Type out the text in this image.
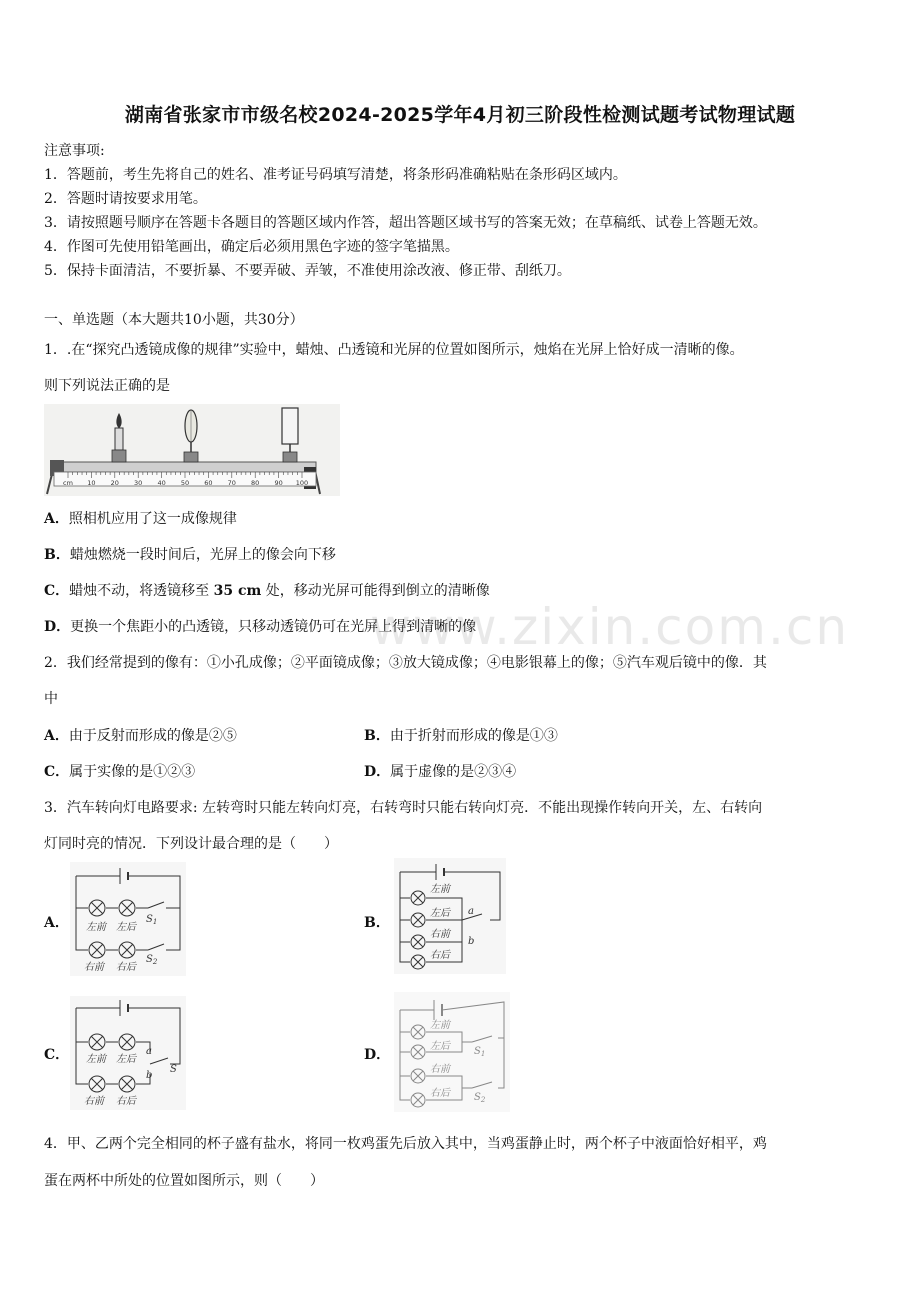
湖南省张家市市级名校2024-2025学年4月初三阶段性检测试题考试物理试题
注意事项:
1．答题前，考生先将自己的姓名、准考证号码填写清楚，将条形码准确粘贴在条形码区域内。
2．答题时请按要求用笔。
3．请按照题号顺序在答题卡各题目的答题区域内作答，超出答题区域书写的答案无效；在草稿纸、试卷上答题无效。
4．作图可先使用铅笔画出，确定后必须用黑色字迹的签字笔描黑。
5．保持卡面清洁，不要折暴、不要弄破、弄皱，不准使用涂改液、修正带、刮纸刀。
一、单选题（本大题共10小题，共30分）
1．.在“探究凸透镜成像的规律”实验中，蜡烛、凸透镜和光屏的位置如图所示，烛焰在光屏上恰好成一清晰的像。
则下列说法正确的是
cm 10 20 30 40 50 60 70 80 90 100
A．照相机应用了这一成像规律
B．蜡烛燃烧一段时间后，光屏上的像会向下移
C．蜡烛不动，将透镜移至 35 cm 处，移动光屏可能得到倒立的清晰像
D．更换一个焦距小的凸透镜，只移动透镜仍可在光屏上得到清晰的像
www.zixin.com.cn
2．我们经常提到的像有：①小孔成像；②平面镜成像；③放大镜成像；④电影银幕上的像；⑤汽车观后镜中的像．其
中
A．由于反射而形成的像是②⑤	B．由于折射而形成的像是①③
C．属于实像的是①②③	D．属于虚像的是②③④
3．汽车转向灯电路要求: 左转弯时只能左转向灯亮，右转弯时只能右转向灯亮．不能出现操作转向开关，左、右转向
灯同时亮的情况．下列设计最合理的是（　　）
A．	B．
C．	D．
左前 左后
右前 右后
$S_1$
$S_2$
左前
左后
右前
右后
a
b
左前 左后
右前 右后
a
b
S
左前
左后
右前
右后
$S_1$
$S_2$
4．甲、乙两个完全相同的杯子盛有盐水，将同一枚鸡蛋先后放入其中，当鸡蛋静止时，两个杯子中液面恰好相平，鸡
蛋在两杯中所处的位置如图所示，则（　　）
